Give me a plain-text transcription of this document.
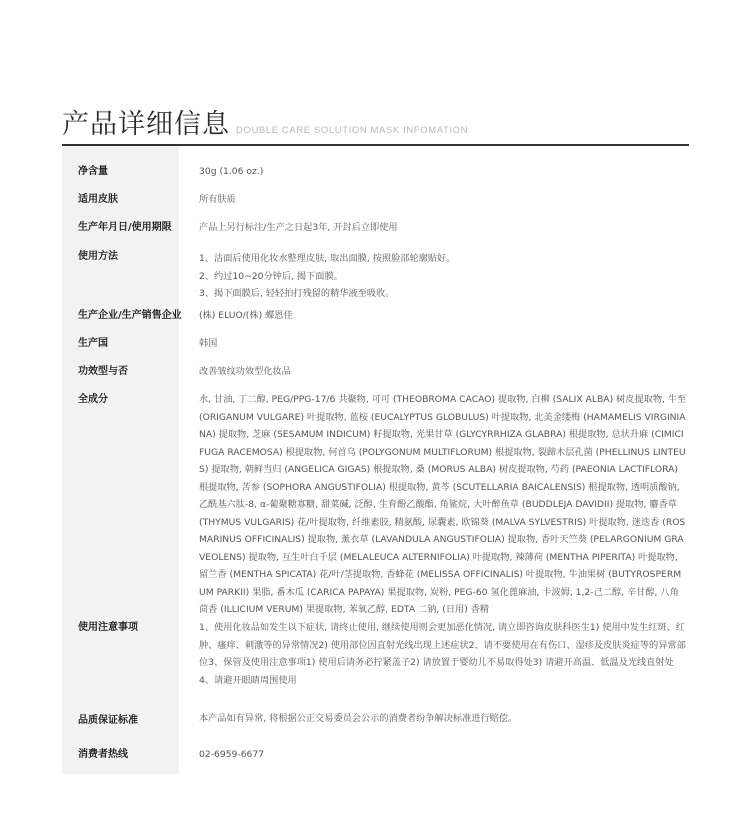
产品详细信息 DOUBLE CARE SOLUTION MASK INFOMATION
净含量	30g (1.06 oz.)
适用皮肤	所有肤质
生产年月日/使用期限	产品上另行标注/生产之日起3年, 开封后立即使用
使用方法	1、洁面后使用化妆水整理皮肤, 取出面膜, 按照脸部轮廓贴好。
2、约过10~20分钟后, 揭下面膜。
3、揭下面膜后, 轻轻拍打残留的精华液至吸收。
生产企业/生产销售企业 (株) ELUO/(株) 蝶恩佳
生产国	韩国
功效型与否	改善皱纹功效型化妆品
全成分	水, 甘油, 丁二醇, PEG/PPG-17/6 共聚物, 可可 (THEOBROMA CACAO) 提取物, 白柳 (SALIX ALBA) 树皮提取物, 牛至 (ORIGANUM VULGARE) 叶提取物, 蓝桉 (EUCALYPTUS GLOBULUS) 叶提取物, 北美金缕梅 (HAMAMELIS VIRGINIANA) 提取物, 芝麻 (SESAMUM INDICUM) 籽提取物, 光果甘草 (GLYCYRRHIZA GLABRA) 根提取物, 总状升麻 (CIMICIFUGA RACEMOSA) 根提取物, 何首乌 (POLYGONUM MULTIFLORUM) 根提取物, 裂蹄木层孔菌 (PHELLINUS LINTEUS) 提取物, 朝鲜当归 (ANGELICA GIGAS) 根提取物, 桑 (MORUS ALBA) 树皮提取物, 芍药 (PAEONIA LACTIFLORA) 根提取物, 苦参 (SOPHORA ANGUSTIFOLIA) 根提取物, 黄芩 (SCUTELLARIA BAICALENSIS) 根提取物, 透明质酸钠, 乙酰基六肽-8, α-葡聚糖寡糖, 甜菜碱, 泛醇, 生育酚乙酸酯, 角鲨烷, 大叶醉鱼草 (BUDDLEJA DAVIDII) 提取物, 麝香草 (THYMUS VULGARIS) 花/叶提取物, 纤维素胶, 精氨酸, 尿囊素, 欧锦葵 (MALVA SYLVESTRIS) 叶提取物, 迷迭香 (ROSMARINUS OFFICINALIS) 提取物, 薰衣草 (LAVANDULA ANGUSTIFOLIA) 提取物, 香叶天竺葵 (PELARGONIUM GRAVEOLENS) 提取物, 互生叶白千层 (MELALEUCA ALTERNIFOLIA) 叶提取物, 辣薄荷 (MENTHA PIPERITA) 叶提取物, 留兰香 (MENTHA SPICATA) 花/叶/茎提取物, 香蜂花 (MELISSA OFFICINALIS) 叶提取物, 牛油果树 (BUTYROSPERMUM PARKII) 果脂, 番木瓜 (CARICA PAPAYA) 果提取物, 炭粉, PEG-60 氢化蓖麻油, 卡波姆, 1,2-己二醇, 辛甘醇, 八角茴香 (ILLICIUM VERUM) 果提取物, 苯氧乙醇, EDTA 二钠, (日用) 香精
使用注意事项	1、使用化妆品如发生以下症状, 请终止使用, 继续使用则会更加恶化情况, 请立即咨询皮肤科医生1) 使用中发生红斑、红肿、瘙痒、刺激等的异常情况2) 使用部位因直射光线出现上述症状2、请不要使用在有伤口、湿疹及皮肤炎症等的异常部位3、保管及使用注意事项1) 使用后请务必拧紧盖子2) 请放置于婴幼儿不易取得处3) 请避开高温、低温及光线直射处4、请避开眼睛周围使用
品质保证标准	本产品如有异常, 将根据公正交易委员会公示的消费者纷争解决标准进行赔偿。
消费者热线	02-6959-6677
